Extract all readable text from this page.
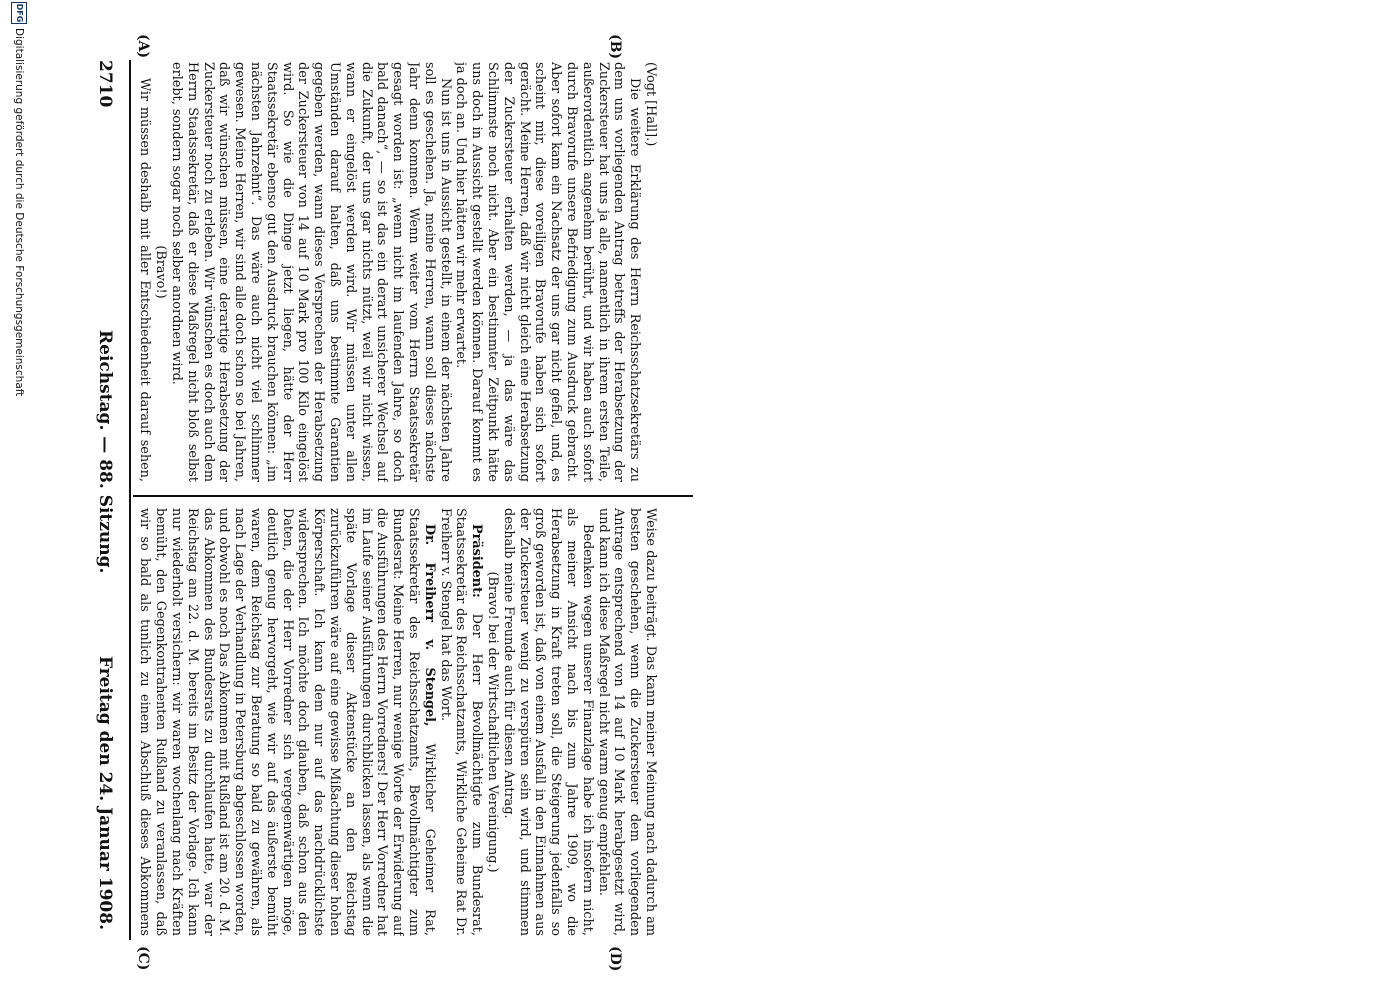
2710
Reichstag. — 88. Sitzung.
Freitag den 24. Januar 1908.
(A)	(B)
(C)	(D)

(Vogt [Hall].)

Die weitere Erklärung des Herrn Reichsschatzsekretärs zu dem uns vorliegenden Antrag betreffs der Herabsetzung der Zuckersteuer hat uns ja alle, namentlich in ihrem ersten Teile, außerordentlich angenehm berührt, und wir haben auch sofort durch Bravorufe unsere Befriedigung zum Ausdruck gebracht. Aber sofort kam ein Nachsatz der uns gar nicht gefiel, und, es scheint mir, diese voreiligen Bravorufe haben sich sofort gerächt. Meine Herren, daß wir nicht gleich eine Herabsetzung der Zuckersteuer erhalten werden, — ja das wäre das Schlimmste noch nicht. Aber ein bestimmter Zeitpunkt hätte uns doch in Aussicht gestellt werden können. Darauf kommt es ja doch an. Und hier hätten wir mehr erwartet.

Nun ist uns in Aussicht gestellt, in einem der nächsten Jahre soll es geschehen. Ja, meine Herren, wann soll dieses nächste Jahr denn kommen. Wenn weiter vom Herrn Staatssekretär gesagt worden ist: „wenn nicht im laufenden Jahre, so doch bald danach“, — so ist das ein derart unsicherer Wechsel auf die Zukunft, der uns gar nichts nützt, weil wir nicht wissen, wann er eingelöst werden wird. Wir müssen unter allen Umständen darauf halten, daß uns bestimmte Garantien gegeben werden, wann dieses Versprechen der Herabsetzung der Zuckersteuer von 14 auf 10 Mark pro 100 Kilo eingelöst wird. So wie die Dinge jetzt liegen, hätte der Herr Staatssekretär ebenso gut den Ausdruck brauchen können: „im nächsten Jahrzehnt“. Das wäre auch nicht viel schlimmer gewesen. Meine Herren, wir sind alle doch schon so bei Jahren, daß wir wünschen müssen, eine derartige Herabsetzung der Zuckersteuer noch zu erleben. Wir wünschen es doch auch dem Herrn Staatssekretär, daß er diese Maßregel nicht bloß selbst erlebt, sondern sogar noch selber anordnen wird.

(Bravo!)

Wir müssen deshalb mit aller Entschiedenheit darauf sehen,

Weise dazu beiträgt. Das kann meiner Meinung nach dadurch am besten geschehen, wenn die Zuckersteuer dem vorliegenden Antrage entsprechend von 14 auf 10 Mark herabgesetzt wird, und kann ich diese Maßregel nicht warm genug empfehlen.

Bedenken wegen unserer Finanzlage habe ich insofern nicht, als meiner Ansicht nach bis zum Jahre 1909, wo die Herabsetzung in Kraft treten soll, die Steigerung jedenfalls so groß geworden ist, daß von einem Ausfall in den Einnahmen aus der Zuckersteuer wenig zu verspüren sein wird, und stimmen deshalb meine Freunde auch für diesen Antrag.

(Bravo! bei der Wirtschaftlichen Vereinigung.)

Präsident: Der Herr Bevollmächtigte zum Bundesrat, Staatssekretär des Reichsschatzamts, Wirkliche Geheime Rat Dr. Freiherr v. Stengel hat das Wort.

Dr. Freiherr v. Stengel, Wirklicher Geheimer Rat, Staatssekretär des Reichsschatzamts, Bevollmächtigter zum Bundesrat: Meine Herren, nur wenige Worte der Erwiderung auf die Ausführungen des Herrn Vorredners! Der Herr Vorredner hat im Laufe seiner Ausführungen durchblicken lassen, als wenn die späte Vorlage dieser Aktenstücke an den Reichstag zurückzuführen wäre auf eine gewisse Mißachtung dieser hohen Körperschaft. Ich kann dem nur auf das nachdrücklichste widersprechen. Ich möchte doch glauben, daß schon aus den Daten, die der Herr Vorredner sich vergegenwärtigen möge, deutlich genug hervorgeht, wie wir auf das äußerste bemüht waren, dem Reichstag zur Beratung so bald zu gewähren, als nach Lage der Verhandlung in Petersburg abgeschlossen worden, und obwohl es noch Das Abkommen mit Rußland ist am 20. d. M. das Abkommen des Bundesrats zu durchlaufen hatte, war der Reichstag am 22. d. M. bereits im Besitz der Vorlage. Ich kann nur wiederholt versichern: wir waren wochenlang nach Kräften bemüht, den Gegenkontrahenten Rußland zu veranlassen, daß wir so bald als tunlich zu einem Abschluß dieses Abkommens

DFG
Digitalisierung gefördert durch die Deutsche Forschungsgemeinschaft
